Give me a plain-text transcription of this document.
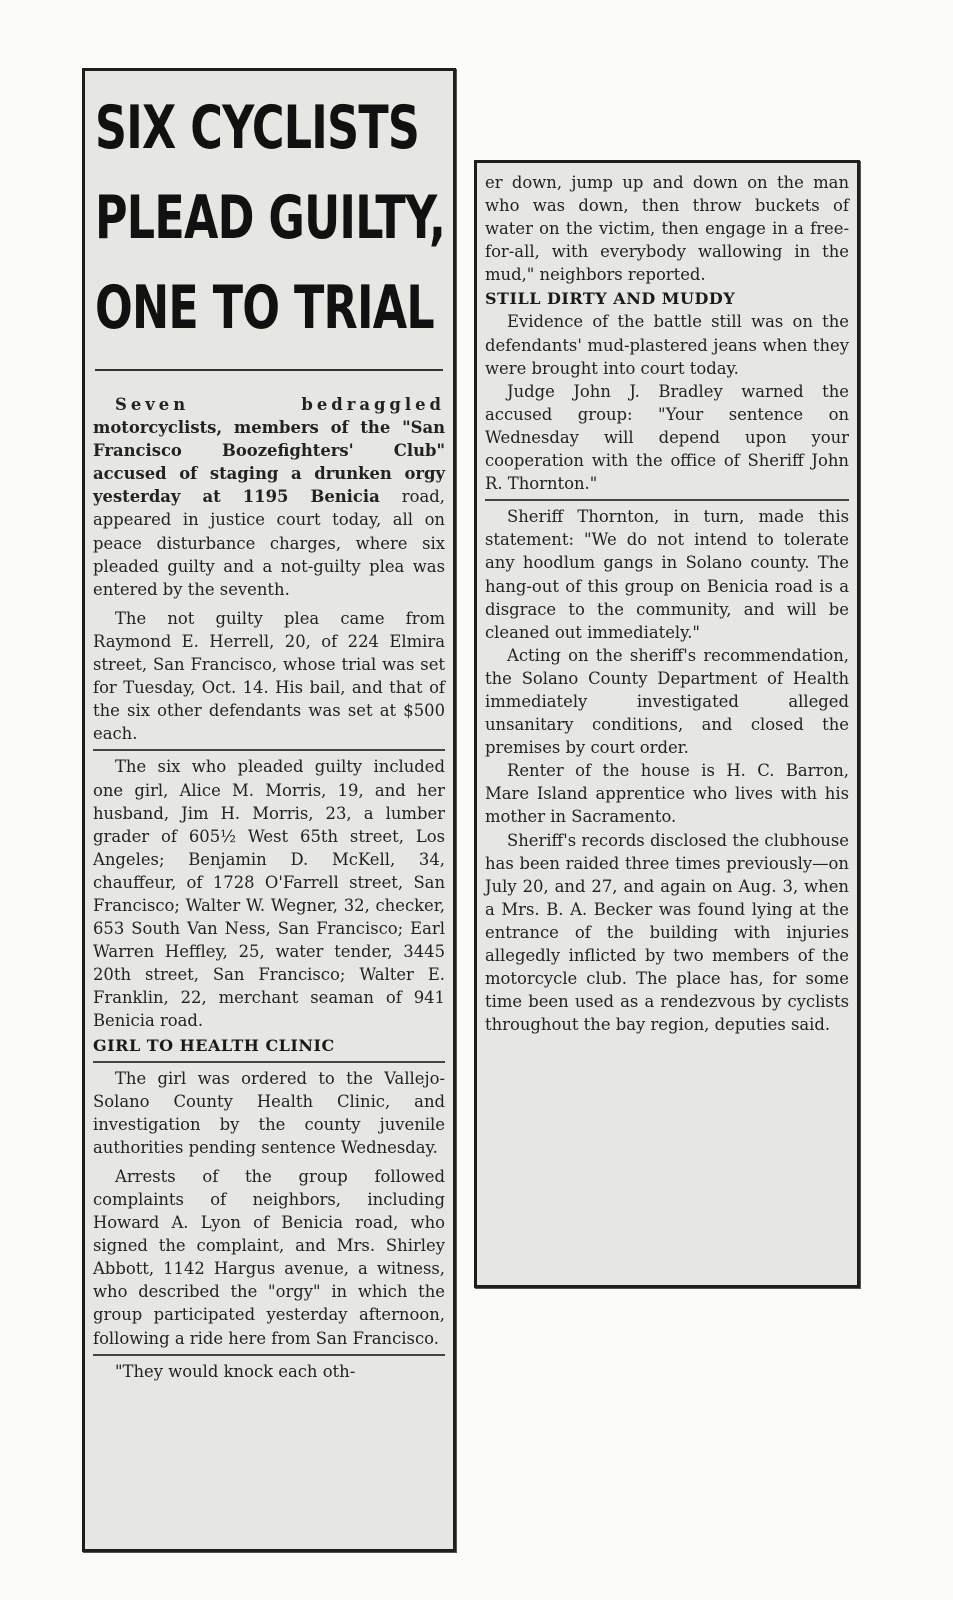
SIX CYCLISTS
PLEAD GUILTY,
ONE TO TRIAL

Seven bedraggled motorcyclists, members of the "San Francisco Boozefighters' Club" accused of staging a drunken orgy yesterday at 1195 Benicia road, appeared in justice court today, all on peace disturbance charges, where six pleaded guilty and a not-guilty plea was entered by the seventh.

The not guilty plea came from Raymond E. Herrell, 20, of 224 Elmira street, San Francisco, whose trial was set for Tuesday, Oct. 14. His bail, and that of the six other defendants was set at $500 each.

The six who pleaded guilty included one girl, Alice M. Morris, 19, and her husband, Jim H. Morris, 23, a lumber grader of 605½ West 65th street, Los Angeles; Benjamin D. McKell, 34, chauffeur, of 1728 O'Farrell street, San Francisco; Walter W. Wegner, 32, checker, 653 South Van Ness, San Francisco; Earl Warren Heffley, 25, water tender, 3445 20th street, San Francisco; Walter E. Franklin, 22, merchant seaman of 941 Benicia road.

GIRL TO HEALTH CLINIC

The girl was ordered to the Vallejo-Solano County Health Clinic, and investigation by the county juvenile authorities pending sentence Wednesday.

Arrests of the group followed complaints of neighbors, including Howard A. Lyon of Benicia road, who signed the complaint, and Mrs. Shirley Abbott, 1142 Hargus avenue, a witness, who described the "orgy" in which the group participated yesterday afternoon, following a ride here from San Francisco.

"They would knock each oth-

er down, jump up and down on the man who was down, then throw buckets of water on the victim, then engage in a free-for-all, with everybody wallowing in the mud," neighbors reported.

STILL DIRTY AND MUDDY

Evidence of the battle still was on the defendants' mud-plastered jeans when they were brought into court today.

Judge John J. Bradley warned the accused group: "Your sentence on Wednesday will depend upon your cooperation with the office of Sheriff John R. Thornton."

Sheriff Thornton, in turn, made this statement: "We do not intend to tolerate any hoodlum gangs in Solano county. The hang-out of this group on Benicia road is a disgrace to the community, and will be cleaned out immediately."

Acting on the sheriff's recommendation, the Solano County Department of Health immediately investigated alleged unsanitary conditions, and closed the premises by court order.

Renter of the house is H. C. Barron, Mare Island apprentice who lives with his mother in Sacramento.

Sheriff's records disclosed the clubhouse has been raided three times previously—on July 20, and 27, and again on Aug. 3, when a Mrs. B. A. Becker was found lying at the entrance of the building with injuries allegedly inflicted by two members of the motorcycle club. The place has, for some time been used as a rendezvous by cyclists throughout the bay region, deputies said.
